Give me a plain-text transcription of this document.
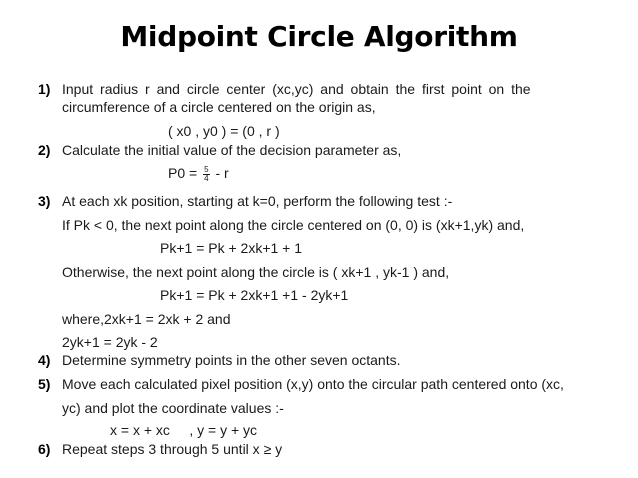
Midpoint Circle Algorithm
1) Input radius r and circle center (xc,yc) and obtain the first point on the
circumference of a circle centered on the origin as,
( x0 , y0 ) = (0 , r )
2) Calculate the initial value of the decision parameter as,
$P0 = \frac{5}{4} - r$
3) At each xk position, starting at k=0, perform the following test :-
If Pk < 0, the next point along the circle centered on (0, 0) is (xk+1,yk) and,
Pk+1 = Pk + 2xk+1 + 1
Otherwise, the next point along the circle is ( xk+1 , yk-1 ) and,
Pk+1 = Pk + 2xk+1 +1 - 2yk+1
where,2xk+1 = 2xk + 2 and
2yk+1 = 2yk - 2
4) Determine symmetry points in the other seven octants.
5) Move each calculated pixel position (x,y) onto the circular path centered onto (xc,
yc) and plot the coordinate values :-
x = x + xc     , y = y + yc
6) Repeat steps 3 through 5 until x ≥ y
